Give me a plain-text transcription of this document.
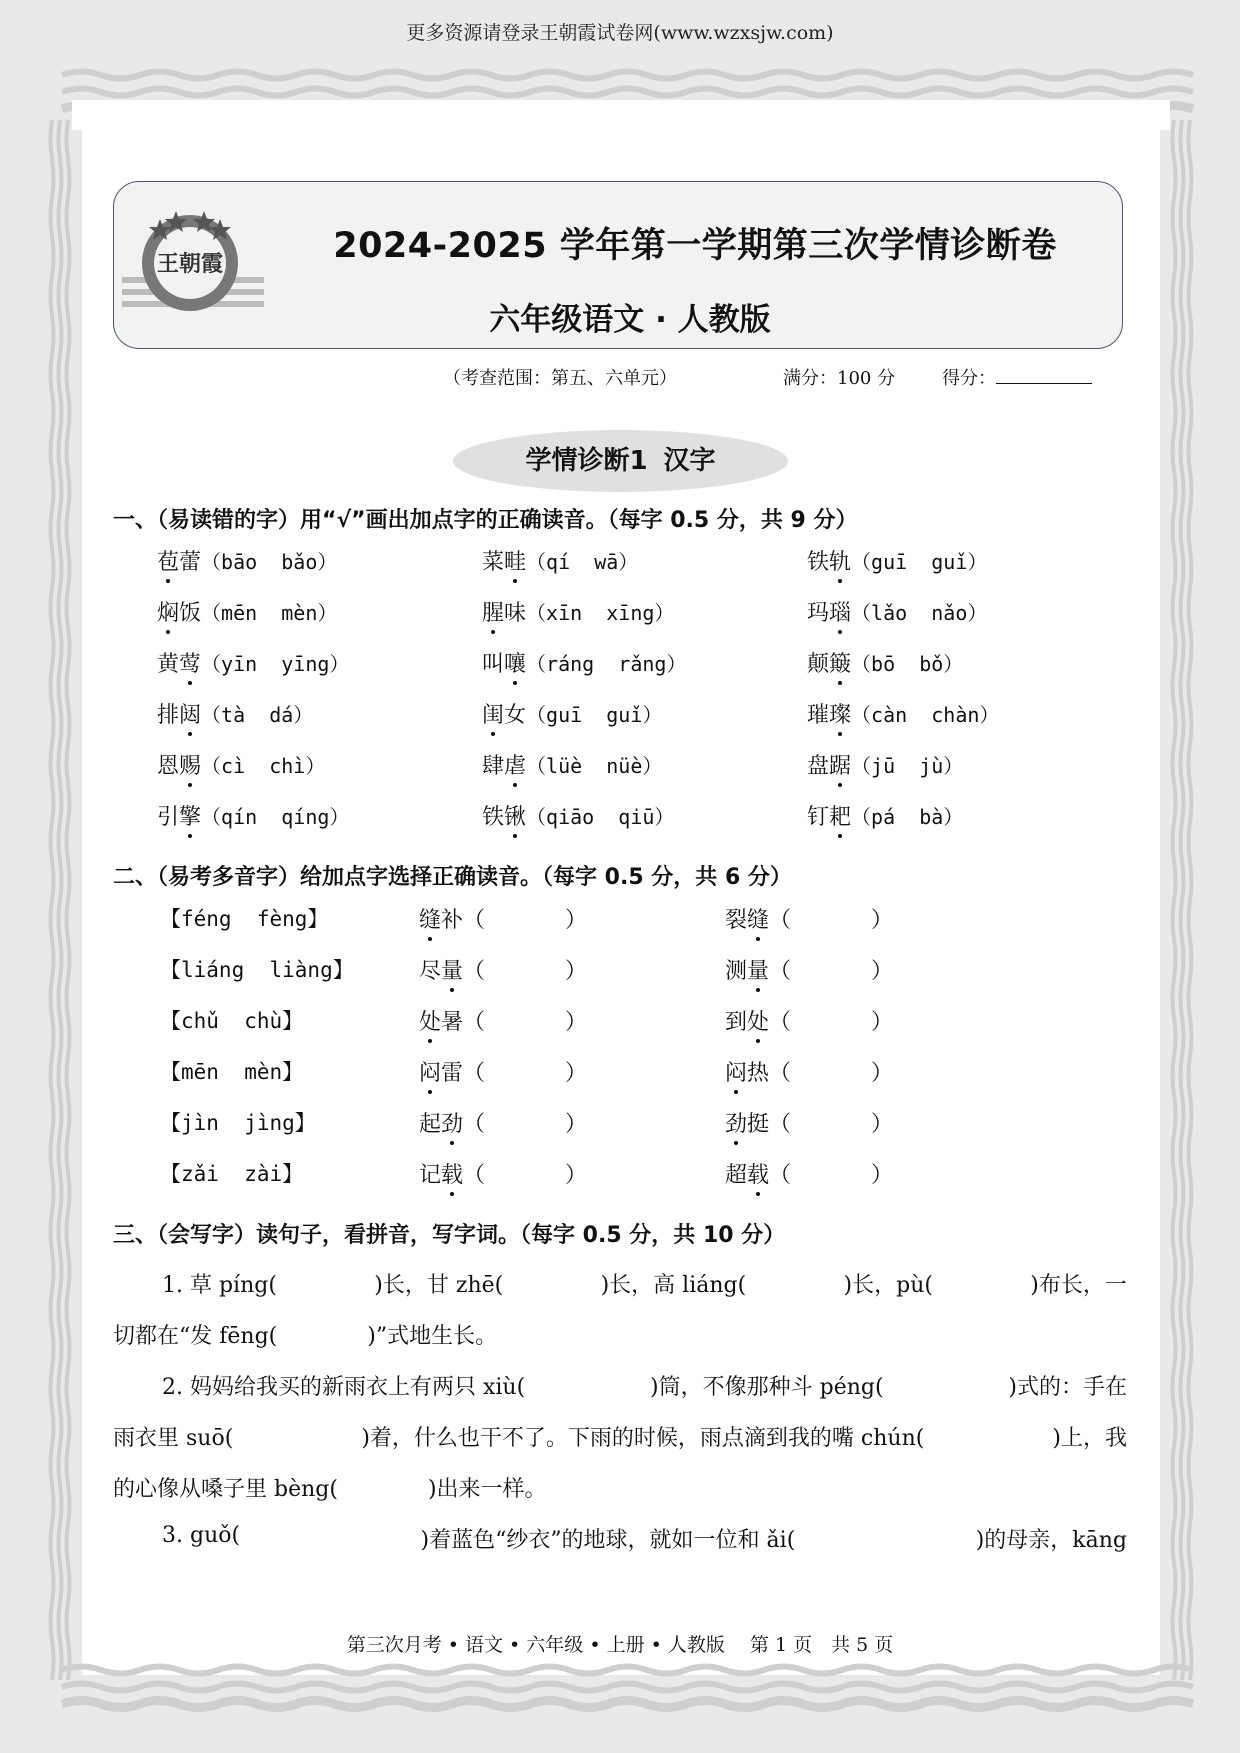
更多资源请登录王朝霞试卷网(www.wzxsjw.com)
王朝霞	2024-2025 学年第一学期第三次学情诊断卷
六年级语文 · 人教版
（考查范围：第五、六单元）	满分：100 分	得分：
学情诊断1 汉字
一、（易读错的字）用“√”画出加点字的正确读音。（每字 0.5 分，共 9 分）
苞蕾（bāo  bǎo）	菜畦（qí  wā）	铁轨（guī  guǐ）
焖饭（mēn  mèn）	腥味（xīn  xīng）	玛瑙（lǎo  nǎo）
黄莺（yīn  yīng）	叫嚷（ráng  rǎng）	颠簸（bō  bǒ）
排闼（tà  dá）	闺女（guī  guǐ）	璀璨（càn  chàn）
恩赐（cì  chì）	肆虐（lüè  nüè）	盘踞（jū  jù）
引擎（qín  qíng）	铁锹（qiāo  qiū）	钉耙（pá  bà）
二、（易考多音字）给加点字选择正确读音。（每字 0.5 分，共 6 分）
【féng  fèng】	缝补（	）	裂缝（	）
【liáng  liàng】	尽量（	）	测量（	）
【chǔ  chù】	处暑（	）	到处（	）
【mēn  mèn】	闷雷（	）	闷热（	）
【jìn  jìng】	起劲（	）	劲挺（	）
【zǎi  zài】	记载（	）	超载（	）
三、（会写字）读句子，看拼音，写字词。（每字 0.5 分，共 10 分）
1. 草 píng(	)长，甘 zhē(	)长，高 liáng(	)长，pù(	)布长，一
切都在“发 fēng(	)”式地生长。
2. 妈妈给我买的新雨衣上有两只 xiù(	)筒，不像那种斗 péng(	)式的：手在
雨衣里 suō(	)着，什么也干不了。下雨的时候，雨点滴到我的嘴 chún(	)上，我
的心像从嗓子里 bèng(	)出来一样。
3. guǒ(	)着蓝色“纱衣”的地球，就如一位和 ǎi(	)的母亲，kāng
第三次月考 • 语文 • 六年级 • 上册 • 人教版　 第 1 页　共 5 页
